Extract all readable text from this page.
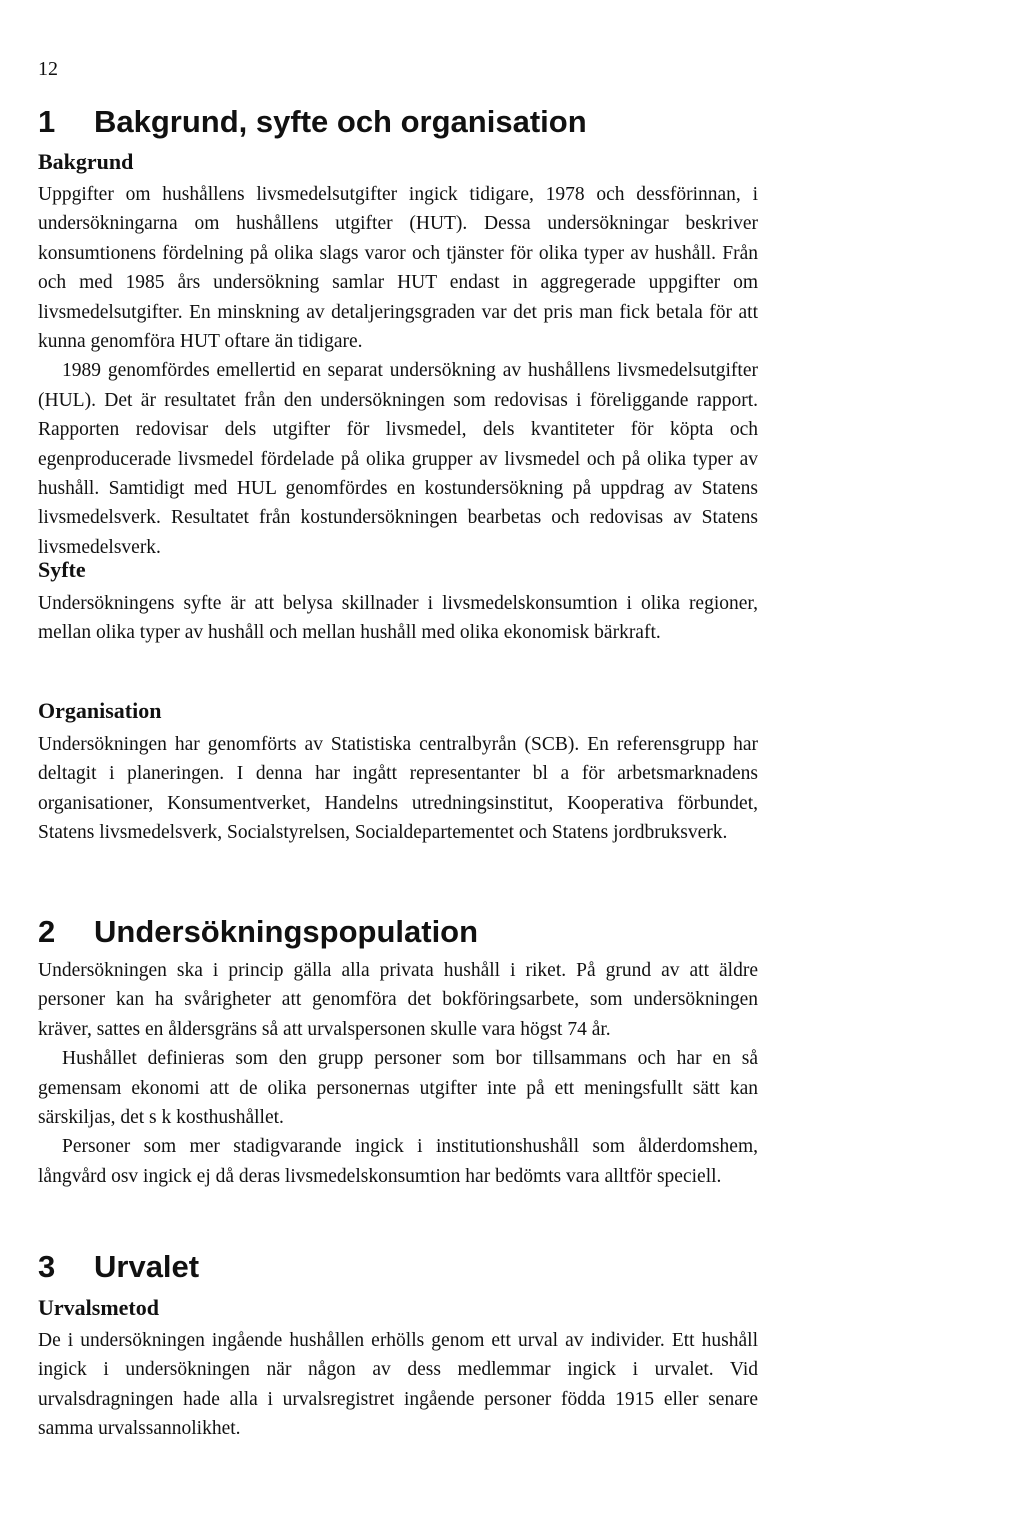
12
1 Bakgrund, syfte och organisation
Bakgrund

Uppgifter om hushållens livsmedelsutgifter ingick tidigare, 1978 och dessförinnan, i undersökningarna om hushållens utgifter (HUT). Dessa undersökningar beskriver konsumtionens fördelning på olika slags varor och tjänster för olika typer av hushåll. Från och med 1985 års undersökning samlar HUT endast in aggregerade uppgifter om livsmedelsutgifter. En minskning av detaljeringsgraden var det pris man fick betala för att kunna genomföra HUT oftare än tidigare.

1989 genomfördes emellertid en separat undersökning av hushållens livsmedelsutgifter (HUL). Det är resultatet från den undersökningen som redovisas i föreliggande rapport. Rapporten redovisar dels utgifter för livsmedel, dels kvantiteter för köpta och egenproducerade livsmedel fördelade på olika grupper av livsmedel och på olika typer av hushåll. Samtidigt med HUL genomfördes en kostundersökning på uppdrag av Statens livsmedelsverk. Resultatet från kostundersökningen bearbetas och redovisas av Statens livsmedelsverk.

Syfte

Undersökningens syfte är att belysa skillnader i livsmedelskonsumtion i olika regioner, mellan olika typer av hushåll och mellan hushåll med olika ekonomisk bärkraft.

Organisation

Undersökningen har genomförts av Statistiska centralbyrån (SCB). En referensgrupp har deltagit i planeringen. I denna har ingått representanter bl a för arbetsmarknadens organisationer, Konsumentverket, Handelns utredningsinstitut, Kooperativa förbundet, Statens livsmedelsverk, Socialstyrelsen, Socialdepartementet och Statens jordbruksverk.

2 Undersökningspopulation

Undersökningen ska i princip gälla alla privata hushåll i riket. På grund av att äldre personer kan ha svårigheter att genomföra det bokföringsarbete, som undersökningen kräver, sattes en åldersgräns så att urvalspersonen skulle vara högst 74 år.

Hushållet definieras som den grupp personer som bor tillsammans och har en så gemensam ekonomi att de olika personernas utgifter inte på ett meningsfullt sätt kan särskiljas, det s k kosthushållet.

Personer som mer stadigvarande ingick i institutionshushåll som ålderdomshem, långvård osv ingick ej då deras livsmedelskonsumtion har bedömts vara alltför speciell.

3 Urvalet
Urvalsmetod

De i undersökningen ingående hushållen erhölls genom ett urval av individer. Ett hushåll ingick i undersökningen när någon av dess medlemmar ingick i urvalet. Vid urvalsdragningen hade alla i urvalsregistret ingående personer födda 1915 eller senare samma urvalssannolikhet.
